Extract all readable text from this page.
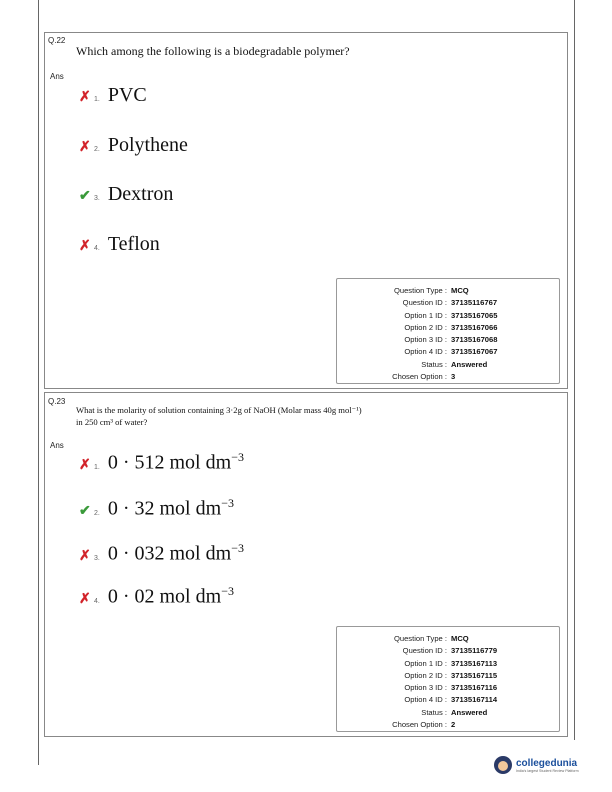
Q.22
Which among the following is a biodegradable polymer?
Ans
✗ 1. PVC
✗ 2. Polythene
✔ 3. Dextron
✗ 4. Teflon
Question Type : MCQ
Question ID : 37135116767
Option 1 ID : 37135167065
Option 2 ID : 37135167066
Option 3 ID : 37135167068
Option 4 ID : 37135167067
Status : Answered
Chosen Option : 3
Q.23
What is the molarity of solution containing 3·2g of NaOH (Molar mass 40g mol⁻¹)
in 250 cm³ of water?
Ans
✗ 1. 0 · 512 mol $dm^{-3}$
✔ 2. 0 · 32 mol $dm^{-3}$
✗ 3. 0 · 032 mol $dm^{-3}$
✗ 4. 0 · 02 mol $dm^{-3}$
Question Type : MCQ
Question ID : 37135116779
Option 1 ID : 37135167113
Option 2 ID : 37135167115
Option 3 ID : 37135167116
Option 4 ID : 37135167114
Status : Answered
Chosen Option : 2
collegedunia
India's largest Student Review Platform
